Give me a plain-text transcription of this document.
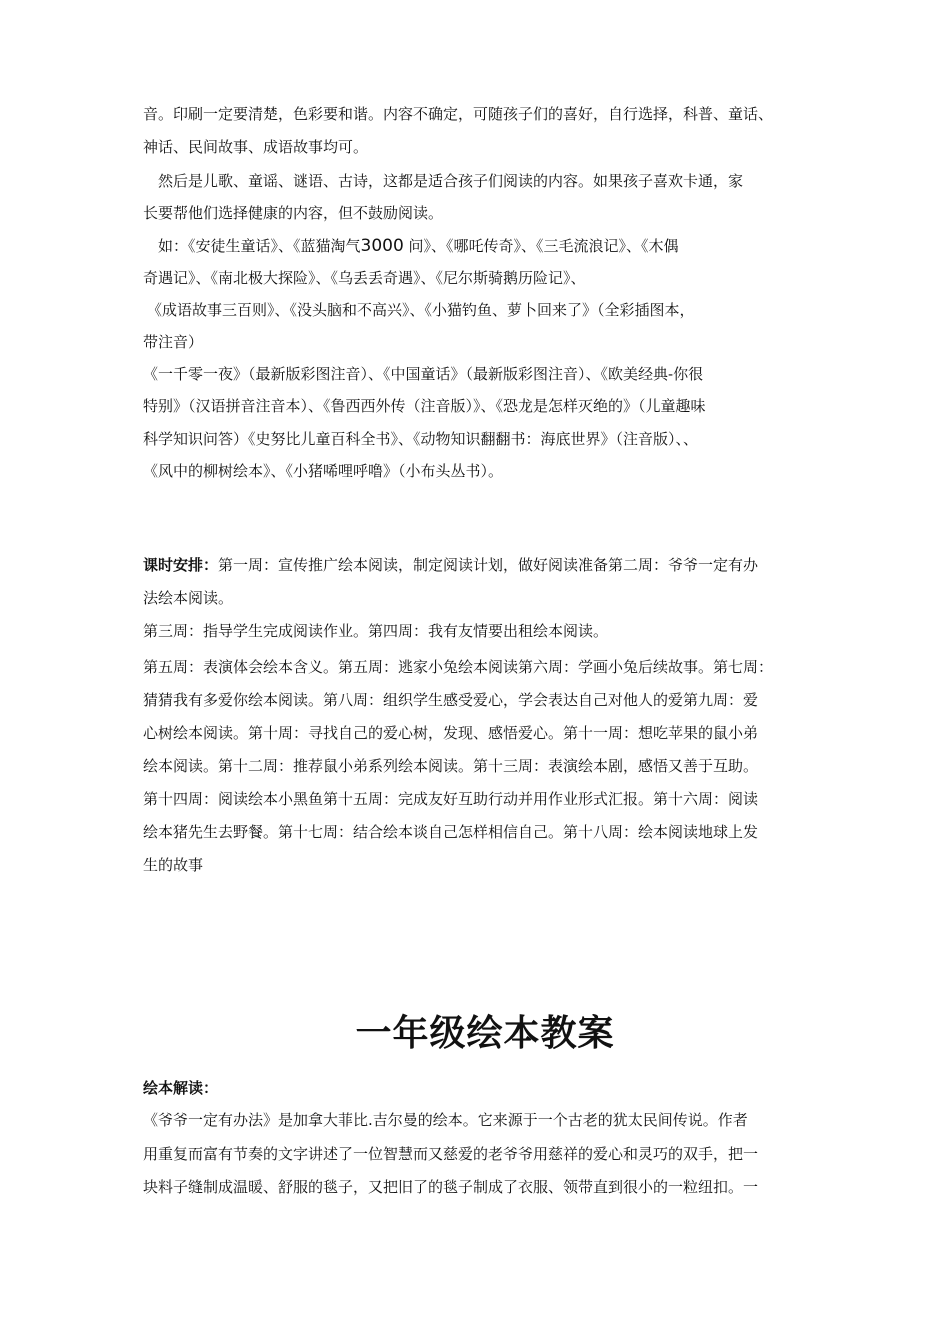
音。印刷一定要清楚，色彩要和谐。内容不确定，可随孩子们的喜好，自行选择，科普、童话、
神话、民间故事、成语故事均可。
　然后是儿歌、童谣、谜语、古诗，这都是适合孩子们阅读的内容。如果孩子喜欢卡通，家
长要帮他们选择健康的内容，但不鼓励阅读。
　如：《安徒生童话》、《蓝猫淘气3000 问》、《哪吒传奇》、《三毛流浪记》、《木偶
奇遇记》、《南北极大探险》、《乌丢丢奇遇》、《尼尔斯骑鹅历险记》、
《成语故事三百则》、《没头脑和不高兴》、《小猫钓鱼、萝卜回来了》（全彩插图本，
带注音）
《一千零一夜》（最新版彩图注音）、《中国童话》（最新版彩图注音）、《欧美经典-你很
特别》（汉语拼音注音本）、《鲁西西外传（注音版）》、《恐龙是怎样灭绝的》（儿童趣味
科学知识问答）《史努比儿童百科全书》、《动物知识翻翻书：海底世界》（注音版）、、
《风中的柳树绘本》、《小猪唏哩呼噜》（小布头丛书）。
课时安排：第一周：宣传推广绘本阅读，制定阅读计划，做好阅读准备第二周：爷爷一定有办
法绘本阅读。
第三周：指导学生完成阅读作业。第四周：我有友情要出租绘本阅读。
第五周：表演体会绘本含义。第五周：逃家小兔绘本阅读第六周：学画小兔后续故事。第七周：
猜猜我有多爱你绘本阅读。第八周：组织学生感受爱心，学会表达自己对他人的爱第九周：爱
心树绘本阅读。第十周：寻找自己的爱心树，发现、感悟爱心。第十一周：想吃苹果的鼠小弟
绘本阅读。第十二周：推荐鼠小弟系列绘本阅读。第十三周：表演绘本剧，感悟又善于互助。
第十四周：阅读绘本小黑鱼第十五周：完成友好互助行动并用作业形式汇报。第十六周：阅读
绘本猪先生去野餐。第十七周：结合绘本谈自己怎样相信自己。第十八周：绘本阅读地球上发
生的故事
一年级绘本教案
绘本解读：
《爷爷一定有办法》是加拿大菲比.吉尔曼的绘本。它来源于一个古老的犹太民间传说。作者
用重复而富有节奏的文字讲述了一位智慧而又慈爱的老爷爷用慈祥的爱心和灵巧的双手，把一
块料子缝制成温暖、舒服的毯子，又把旧了的毯子制成了衣服、领带直到很小的一粒纽扣。一
